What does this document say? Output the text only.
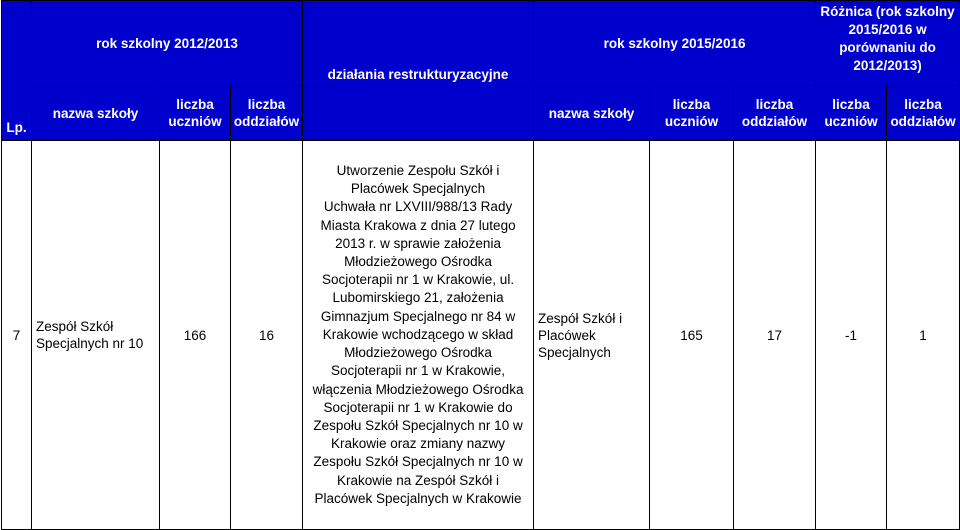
Lp.	rok szkolny 2012/2013			działania restrukturyzacyjne	rok szkolny 2015/2016			Różnica (rok szkolny 2015/2016 w porównaniu do 2012/2013)	
	nazwa szkoły	liczba uczniów	liczba oddziałów		nazwa szkoły	liczba uczniów	liczba oddziałów	liczba uczniów	liczba oddziałów
7	Zespół Szkół Specjalnych nr 10	166	16	Utworzenie Zespołu Szkół i Placówek Specjalnych
Uchwała nr LXVIII/988/13 Rady Miasta Krakowa z dnia 27 lutego 2013 r. w sprawie założenia Młodzieżowego Ośrodka Socjoterapii nr 1 w Krakowie, ul. Lubomirskiego 21, założenia Gimnazjum Specjalnego nr 84 w Krakowie wchodzącego w skład Młodzieżowego Ośrodka Socjoterapii nr 1 w Krakowie, włączenia Młodzieżowego Ośrodka Socjoterapii nr 1 w Krakowie do Zespołu Szkół Specjalnych nr 10 w Krakowie oraz zmiany nazwy Zespołu Szkół Specjalnych nr 10 w Krakowie na Zespół Szkół i Placówek Specjalnych w Krakowie	Zespół Szkół i Placówek Specjalnych	165	17	-1	1
